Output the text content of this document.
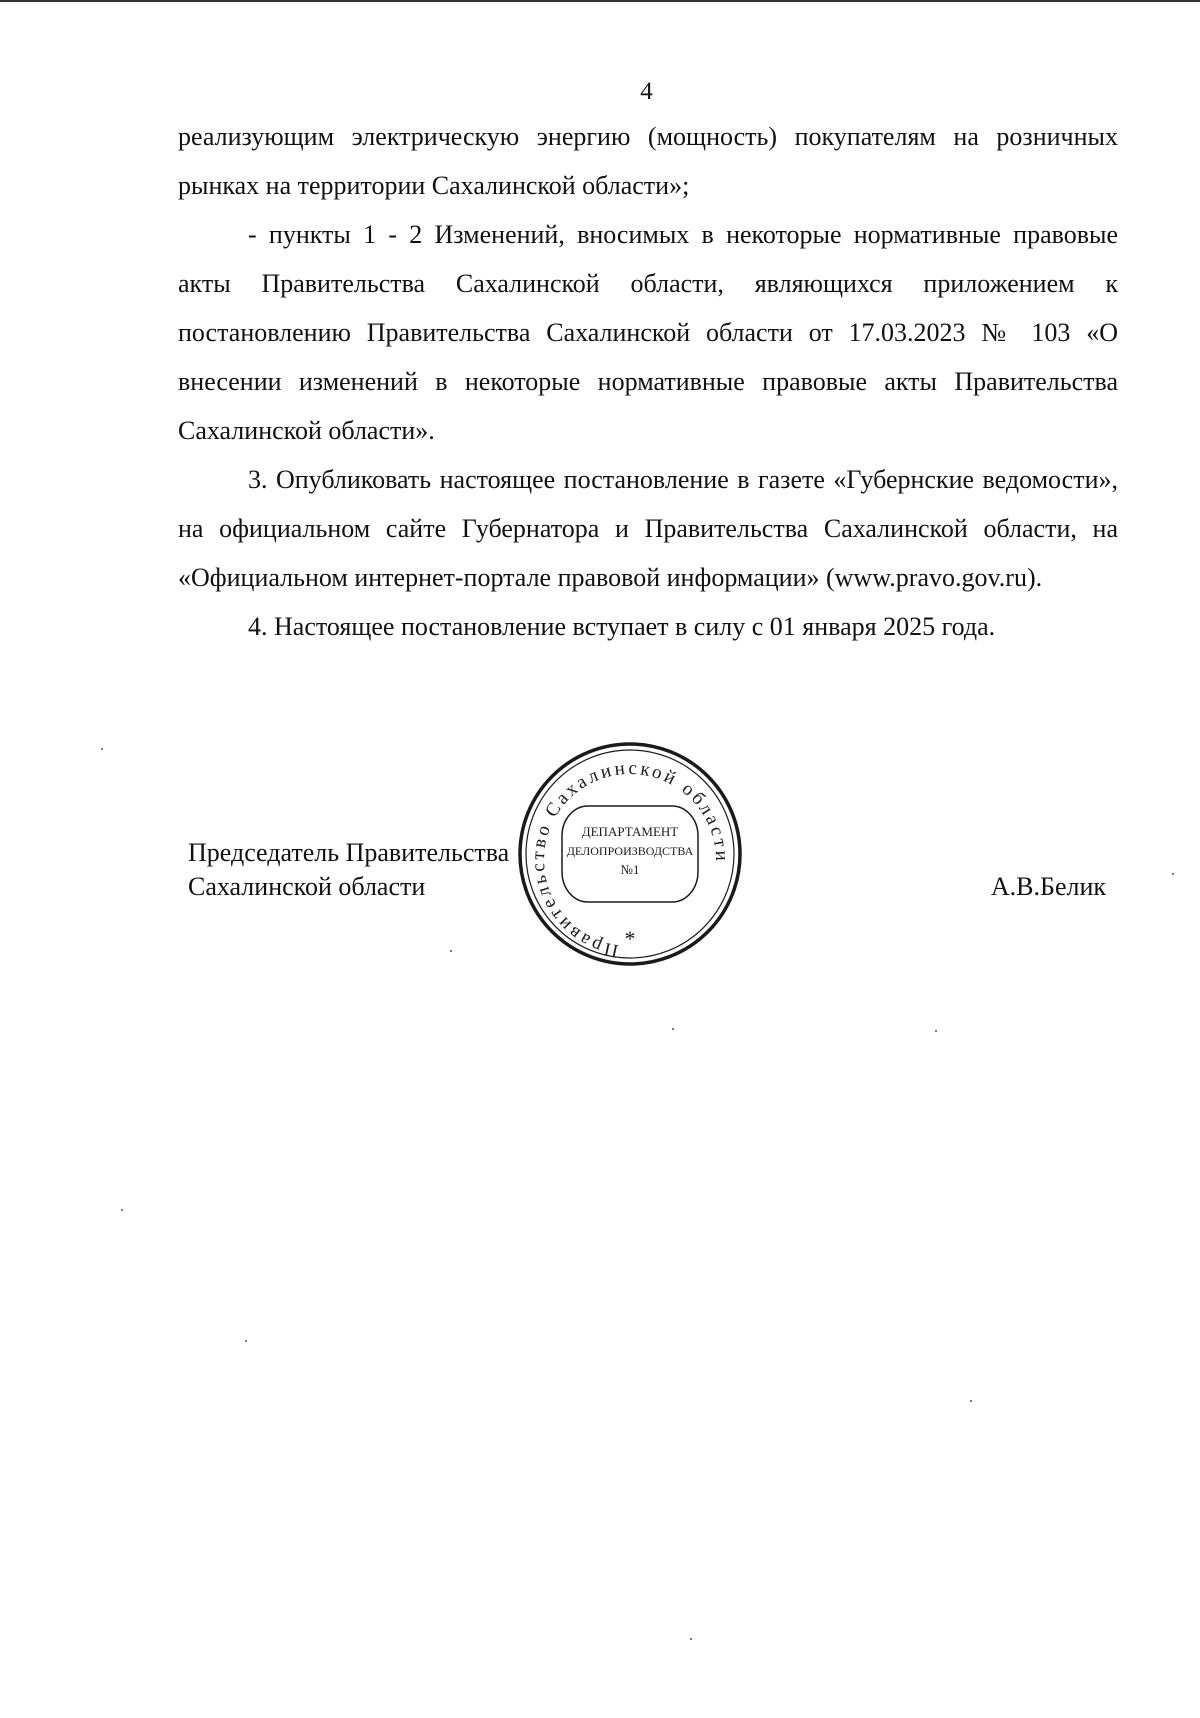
4

реализующим электрическую энергию (мощность) покупателям на розничных рынках на территории Сахалинской области»;

- пункты 1 - 2 Изменений, вносимых в некоторые нормативные правовые акты Правительства Сахалинской области, являющихся приложением к постановлению Правительства Сахалинской области от 17.03.2023 № 103 «О внесении изменений в некоторые нормативные правовые акты Правительства Сахалинской области».

3. Опубликовать настоящее постановление в газете «Губернские ведомости», на официальном сайте Губернатора и Правительства Сахалинской области, на «Официальном интернет-портале правовой информации» (www.pravo.gov.ru).

4. Настоящее постановление вступает в силу с 01 января 2025 года.

Председатель Правительства
Сахалинской области	А.В.Белик
Правительство Сахалинской области
ДЕПАРТАМЕНТ
ДЕЛОПРОИЗВОДСТВА
№1
*
